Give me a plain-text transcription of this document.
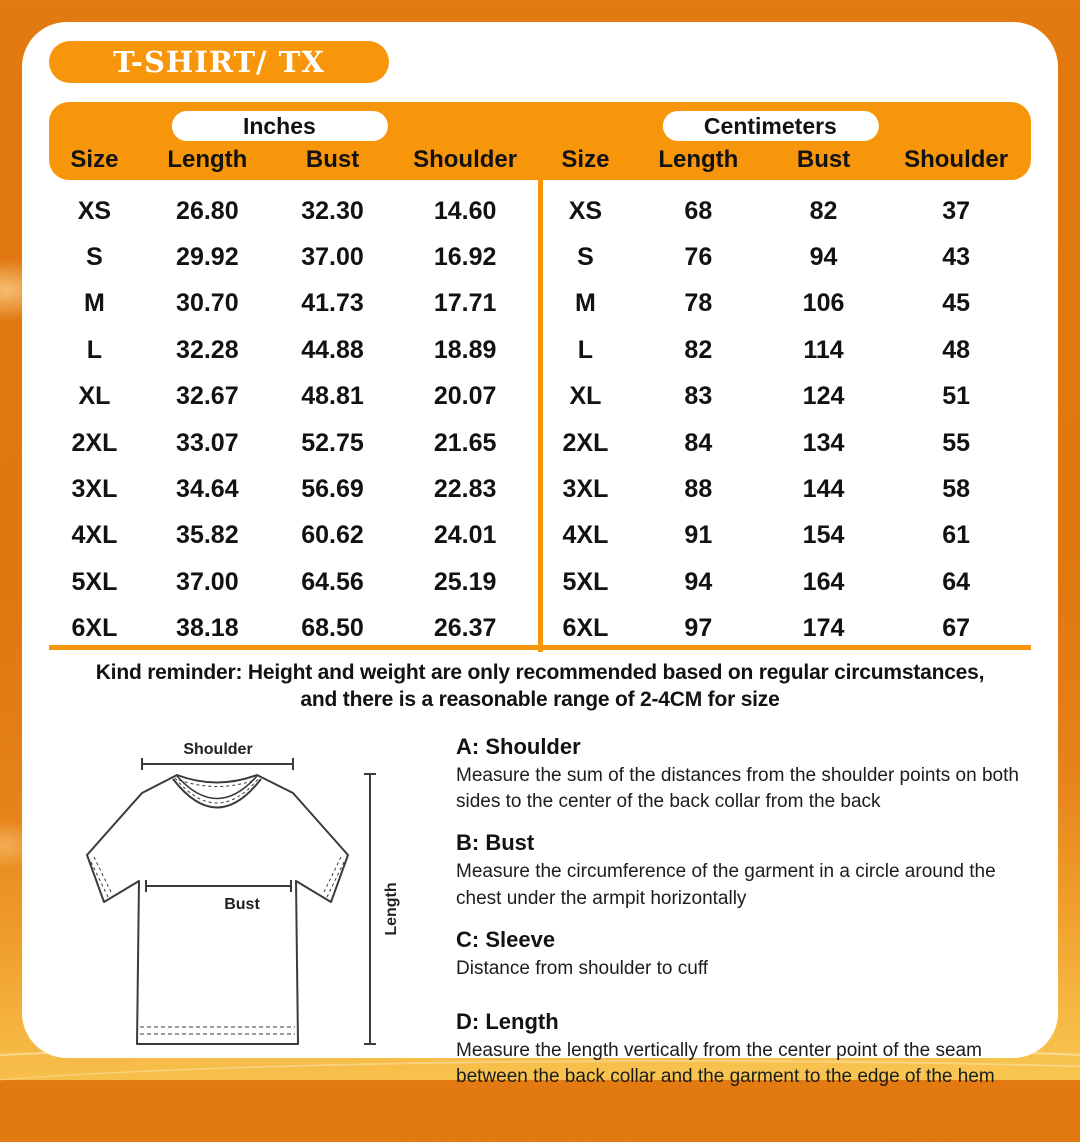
T-SHIRT/ TX
Inches
Size	Length	Bust	Shoulder
Centimeters
Size	Length	Bust	Shoulder
XS	26.80	32.30	14.60
S	29.92	37.00	16.92
M	30.70	41.73	17.71
L	32.28	44.88	18.89
XL	32.67	48.81	20.07
2XL	33.07	52.75	21.65
3XL	34.64	56.69	22.83
4XL	35.82	60.62	24.01
5XL	37.00	64.56	25.19
6XL	38.18	68.50	26.37
XS	68	82	37
S	76	94	43
M	78	106	45
L	82	114	48
XL	83	124	51
2XL	84	134	55
3XL	88	144	58
4XL	91	154	61
5XL	94	164	64
6XL	97	174	67
Kind reminder: Height and weight are only recommended based on regular circumstances,
and there is a reasonable range of 2-4CM for size
Shoulder
Bust	Length
A: Shoulder
Measure the sum of the distances from the shoulder points on both sides to the center of the back collar from the back
B: Bust
Measure the circumference of the garment in a circle around the chest under the armpit horizontally
C: Sleeve
Distance from shoulder to cuff
D: Length
Measure the length vertically from the center point of the seam between the back collar and the garment to the edge of the hem
